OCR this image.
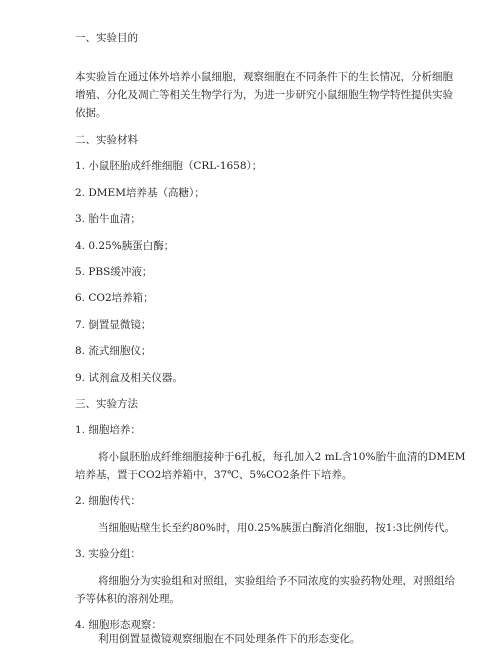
一、实验目的
本实验旨在通过体外培养小鼠细胞，观察细胞在不同条件下的生长情况，分析细胞
增殖、分化及凋亡等相关生物学行为，为进一步研究小鼠细胞生物学特性提供实验
依据。
二、实验材料
1. 小鼠胚胎成纤维细胞（CRL-1658）；
2. DMEM培养基（高糖）；
3. 胎牛血清；
4. 0.25%胰蛋白酶；
5. PBS缓冲液；
6. CO2培养箱；
7. 倒置显微镜；
8. 流式细胞仪；
9. 试剂盒及相关仪器。
三、实验方法
1. 细胞培养：
将小鼠胚胎成纤维细胞接种于6孔板，每孔加入2 mL含10%胎牛血清的DMEM
培养基，置于CO2培养箱中，37℃、5%CO2条件下培养。
2. 细胞传代：
当细胞贴壁生长至约80%时，用0.25%胰蛋白酶消化细胞，按1:3比例传代。
3. 实验分组：
将细胞分为实验组和对照组，实验组给予不同浓度的实验药物处理，对照组给
予等体积的溶剂处理。
4. 细胞形态观察：
利用倒置显微镜观察细胞在不同处理条件下的形态变化。
